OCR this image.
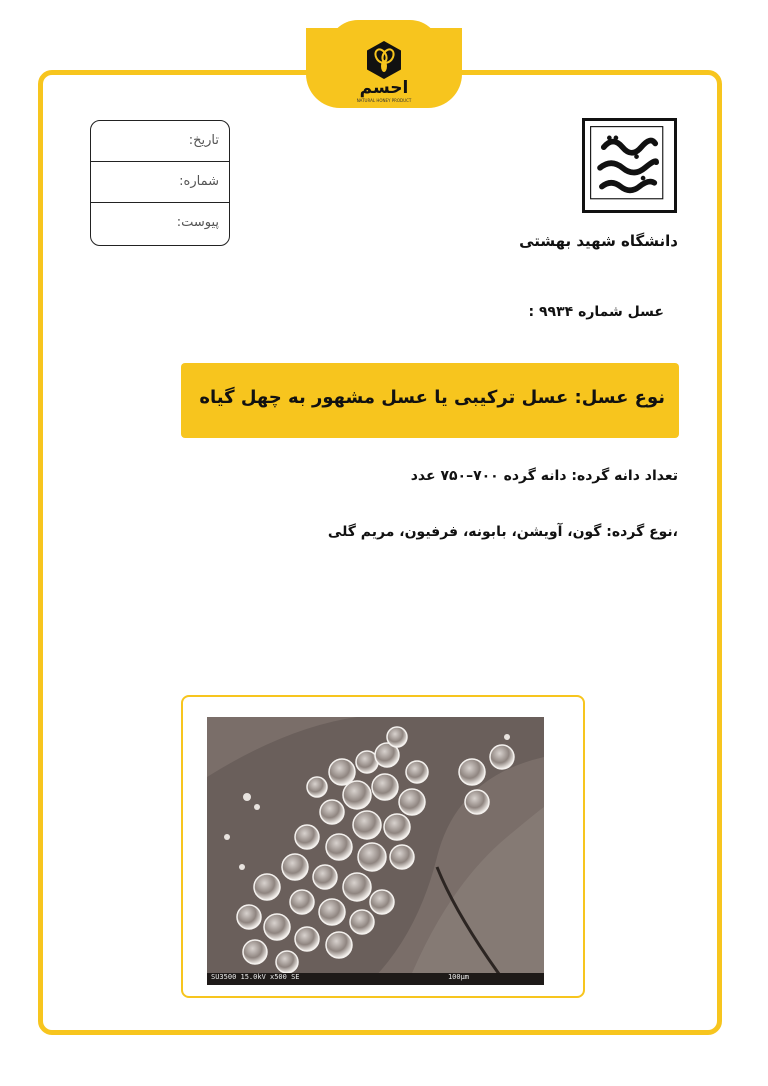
احسم
NATURAL HONEY PRODUCT
تاریخ:
شماره:
پیوست:
دانشگاه شهید بهشتی
عسل شماره ۹۹۳۴ :
نوع عسل: عسل ترکیبی یا عسل مشهور به چهل گیاه
تعداد دانه گرده: دانه گرده ۷۰۰–۷۵۰ عدد
،نوع گرده: گون، آویشن، بابونه، فرفیون، مریم گلی
SU3500 15.0kV x500 SE	100µm
